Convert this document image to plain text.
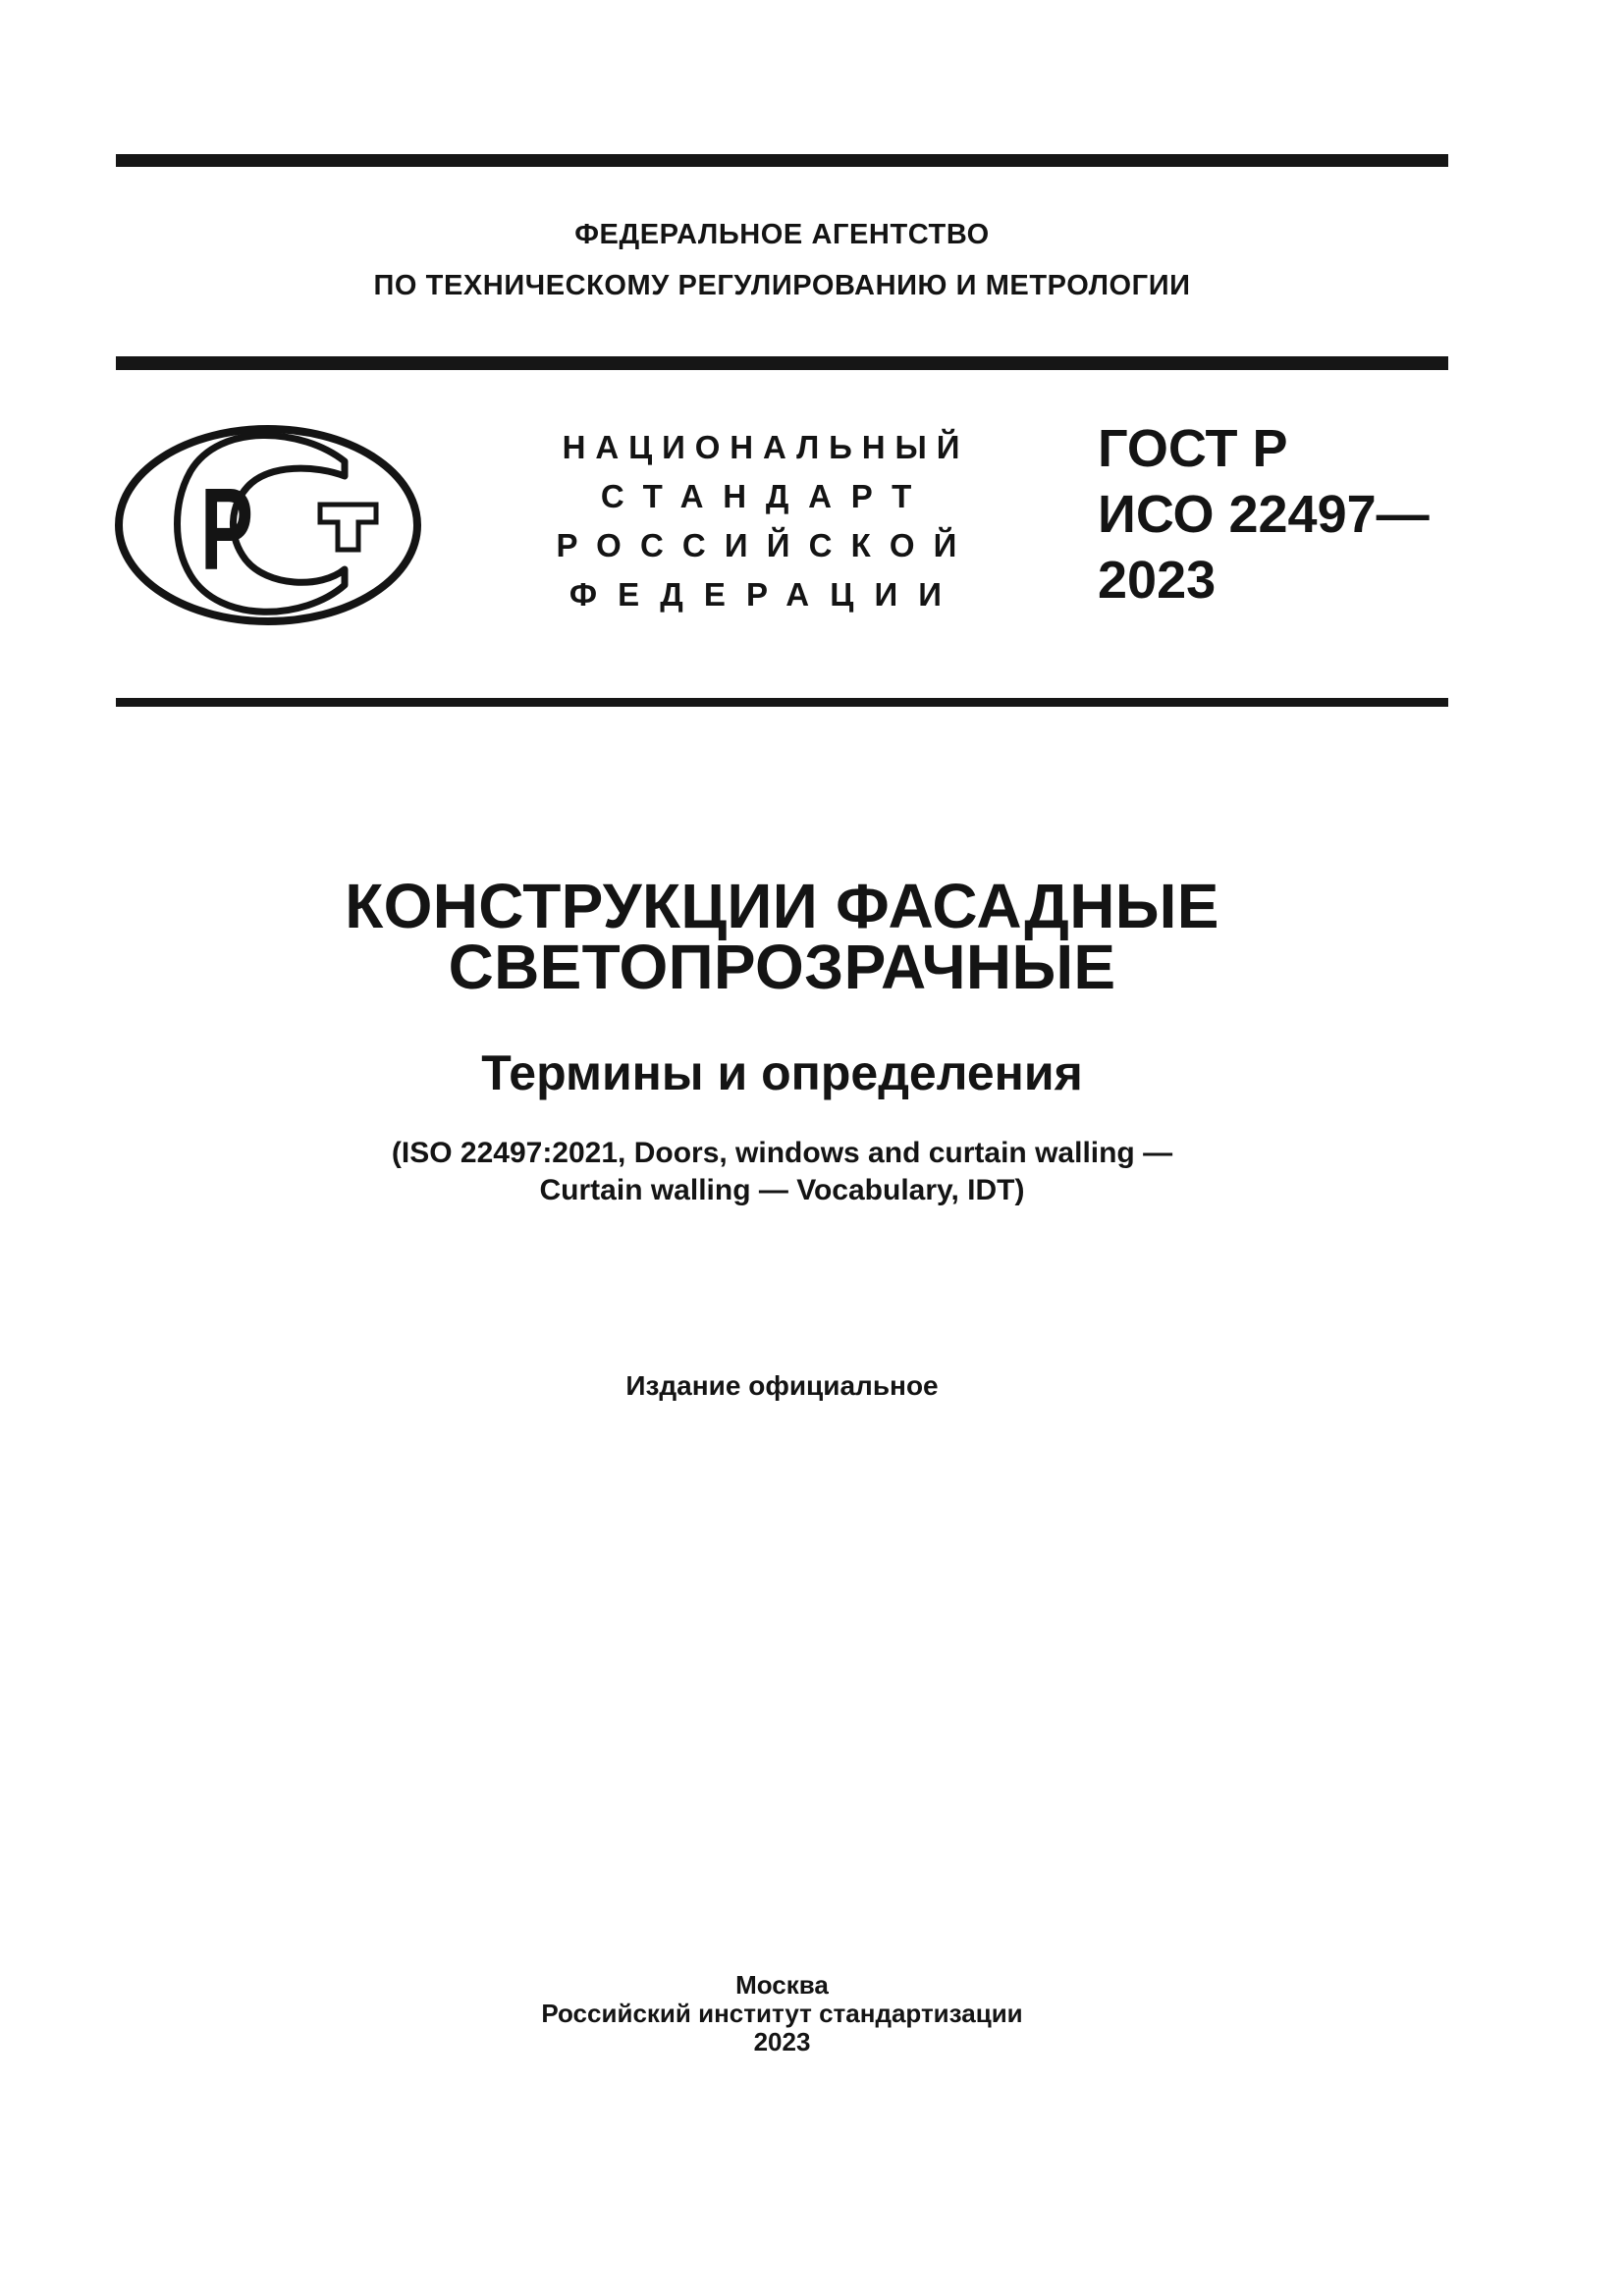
ФЕДЕРАЛЬНОЕ АГЕНТСТВО
ПО ТЕХНИЧЕСКОМУ РЕГУЛИРОВАНИЮ И МЕТРОЛОГИИ
Р
НАЦИОНАЛЬНЫЙ
СТАНДАРТ
РОССИЙСКОЙ
ФЕДЕРАЦИИ
ГОСТ Р
ИСО 22497—
2023
КОНСТРУКЦИИ ФАСАДНЫЕ
СВЕТОПРОЗРАЧНЫЕ
Термины и определения
(ISO 22497:2021, Doors, windows and curtain walling —
Curtain walling — Vocabulary, IDT)
Издание официальное
Москва
Российский институт стандартизации
2023
